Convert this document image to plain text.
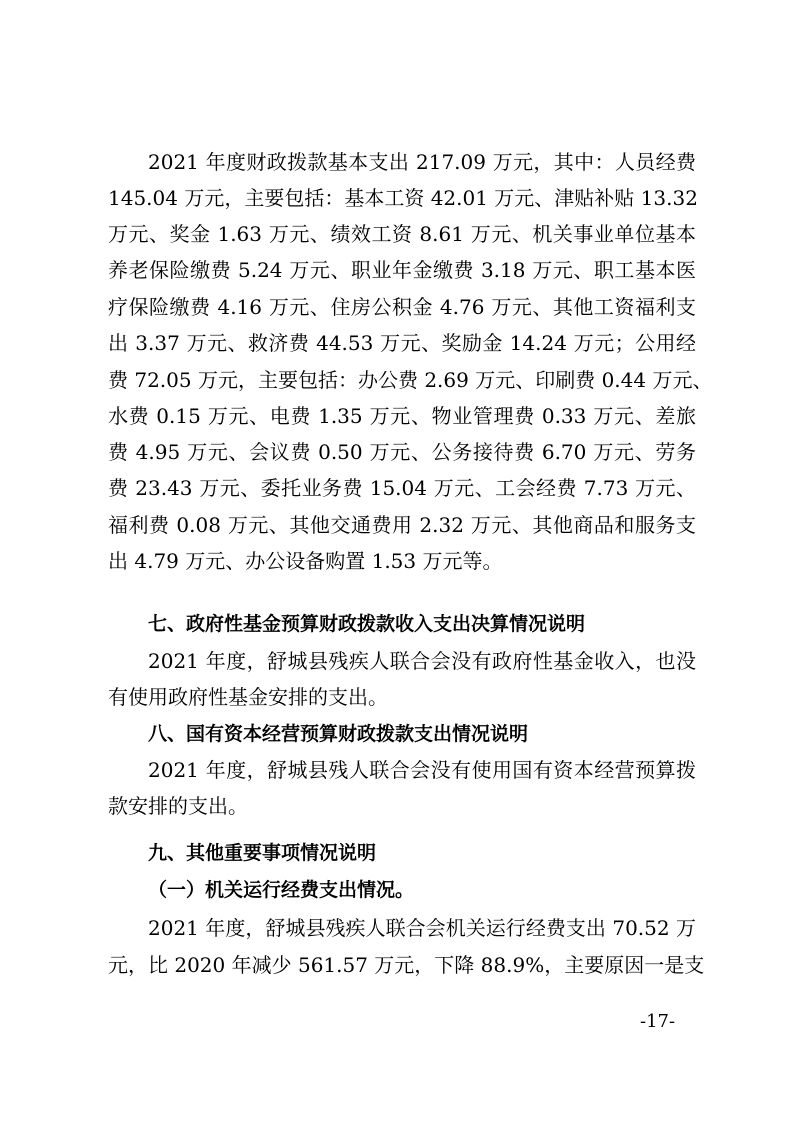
2021 年度财政拨款基本支出 217.09 万元，其中：人员经费
145.04 万元，主要包括：基本工资 42.01 万元、津贴补贴 13.32
万元、奖金 1.63 万元、绩效工资 8.61 万元、机关事业单位基本
养老保险缴费 5.24 万元、职业年金缴费 3.18 万元、职工基本医
疗保险缴费 4.16 万元、住房公积金 4.76 万元、其他工资福利支
出 3.37 万元、救济费 44.53 万元、奖励金 14.24 万元；公用经
费 72.05 万元，主要包括：办公费 2.69 万元、印刷费 0.44 万元、
水费 0.15 万元、电费 1.35 万元、物业管理费 0.33 万元、差旅
费 4.95 万元、会议费 0.50 万元、公务接待费 6.70 万元、劳务
费 23.43 万元、委托业务费 15.04 万元、工会经费 7.73 万元、
福利费 0.08 万元、其他交通费用 2.32 万元、其他商品和服务支
出 4.79 万元、办公设备购置 1.53 万元等。
七、政府性基金预算财政拨款收入支出决算情况说明
2021 年度，舒城县残疾人联合会没有政府性基金收入，也没
有使用政府性基金安排的支出。
八、国有资本经营预算财政拨款支出情况说明
2021 年度，舒城县残人联合会没有使用国有资本经营预算拨
款安排的支出。
九、其他重要事项情况说明
（一）机关运行经费支出情况。
2021 年度，舒城县残疾人联合会机关运行经费支出 70.52 万
元，比 2020 年减少 561.57 万元，下降 88.9%，主要原因一是支
-17-
